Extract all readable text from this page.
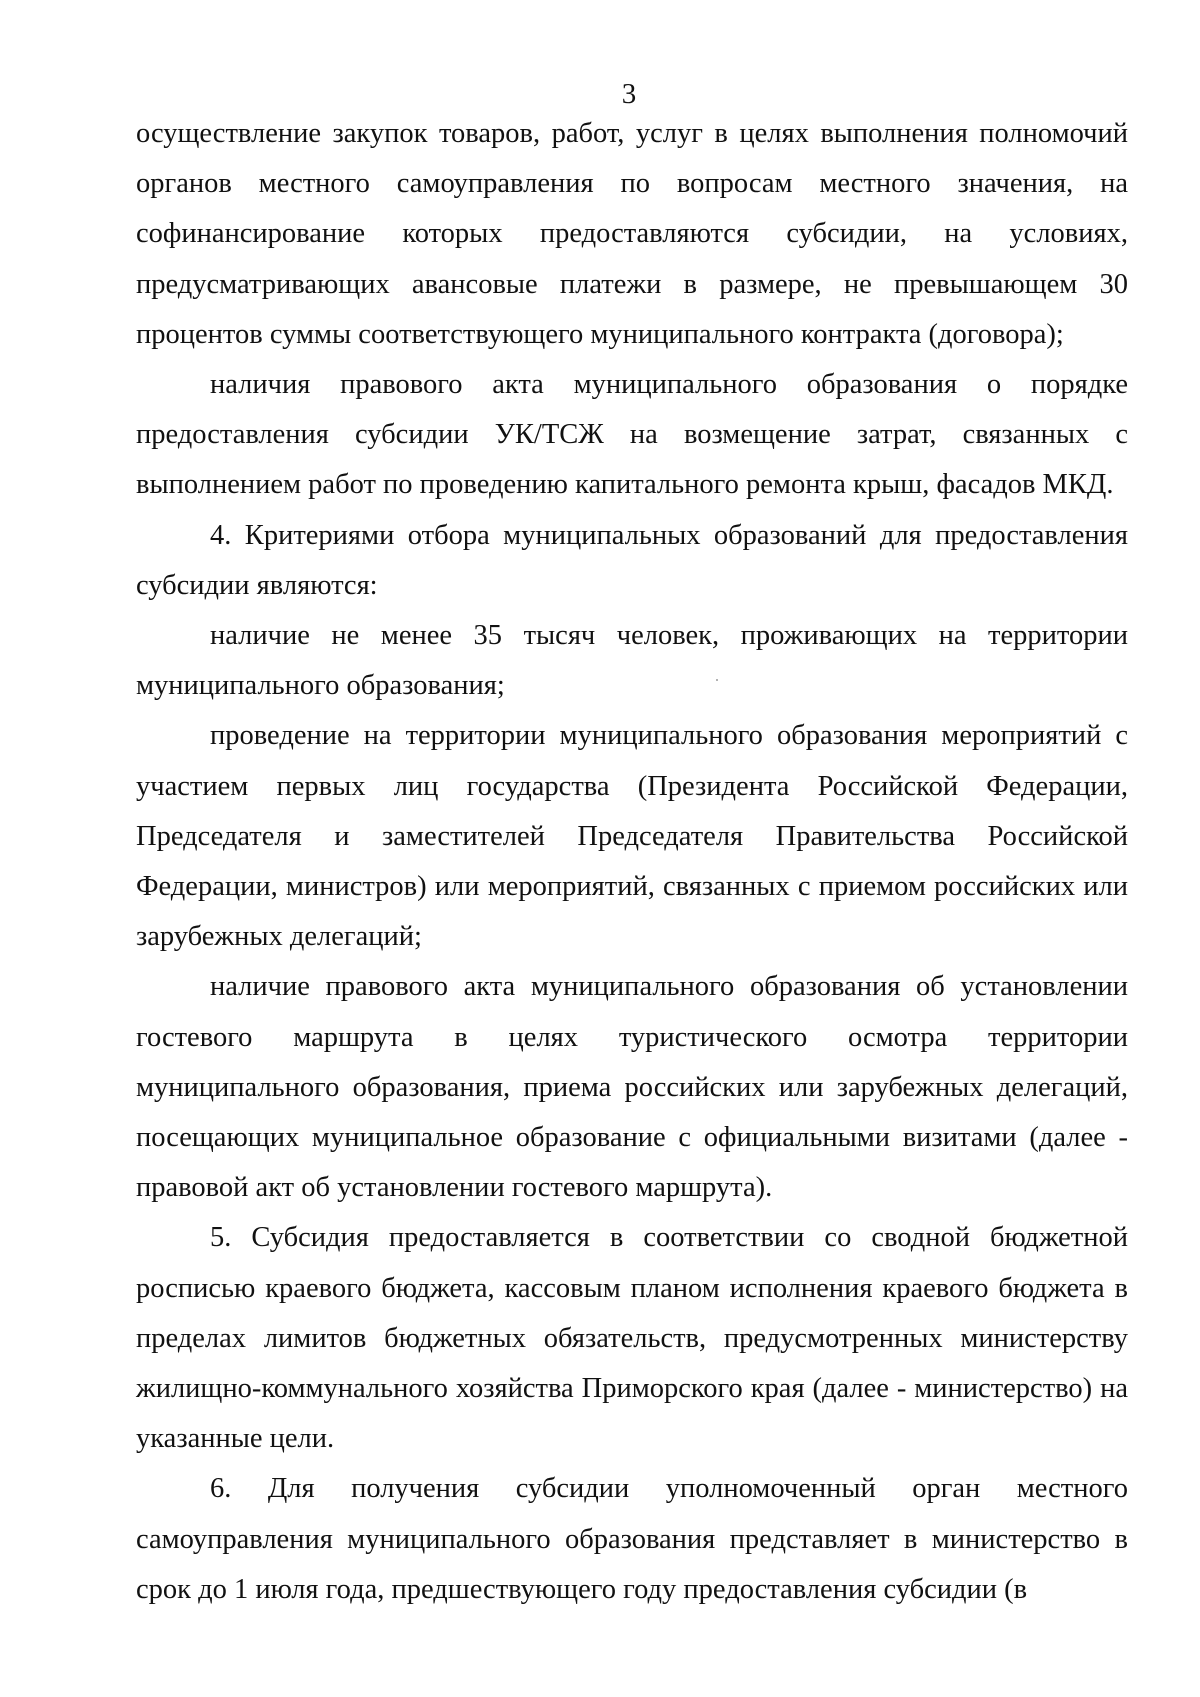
3

осуществление закупок товаров, работ, услуг в целях выполнения полномочий органов местного самоуправления по вопросам местного значения, на софинансирование которых предоставляются субсидии, на условиях, предусматривающих авансовые платежи в размере, не превышающем 30 процентов суммы соответствующего муниципального контракта (договора);

наличия правового акта муниципального образования о порядке предоставления субсидии УК/ТСЖ на возмещение затрат, связанных с выполнением работ по проведению капитального ремонта крыш, фасадов МКД.

4. Критериями отбора муниципальных образований для предоставления субсидии являются:

наличие не менее 35 тысяч человек, проживающих на территории муниципального образования;

проведение на территории муниципального образования мероприятий с участием первых лиц государства (Президента Российской Федерации, Председателя и заместителей Председателя Правительства Российской Федерации, министров) или мероприятий, связанных с приемом российских или зарубежных делегаций;

наличие правового акта муниципального образования об установлении гостевого маршрута в целях туристического осмотра территории муниципального образования, приема российских или зарубежных делегаций, посещающих муниципальное образование с официальными визитами (далее - правовой акт об установлении гостевого маршрута).

5. Субсидия предоставляется в соответствии со сводной бюджетной росписью краевого бюджета, кассовым планом исполнения краевого бюджета в пределах лимитов бюджетных обязательств, предусмотренных министерству жилищно-коммунального хозяйства Приморского края (далее - министерство) на указанные цели.

6. Для получения субсидии уполномоченный орган местного самоуправления муниципального образования представляет в министерство в срок до 1 июля года, предшествующего году предоставления субсидии (в
